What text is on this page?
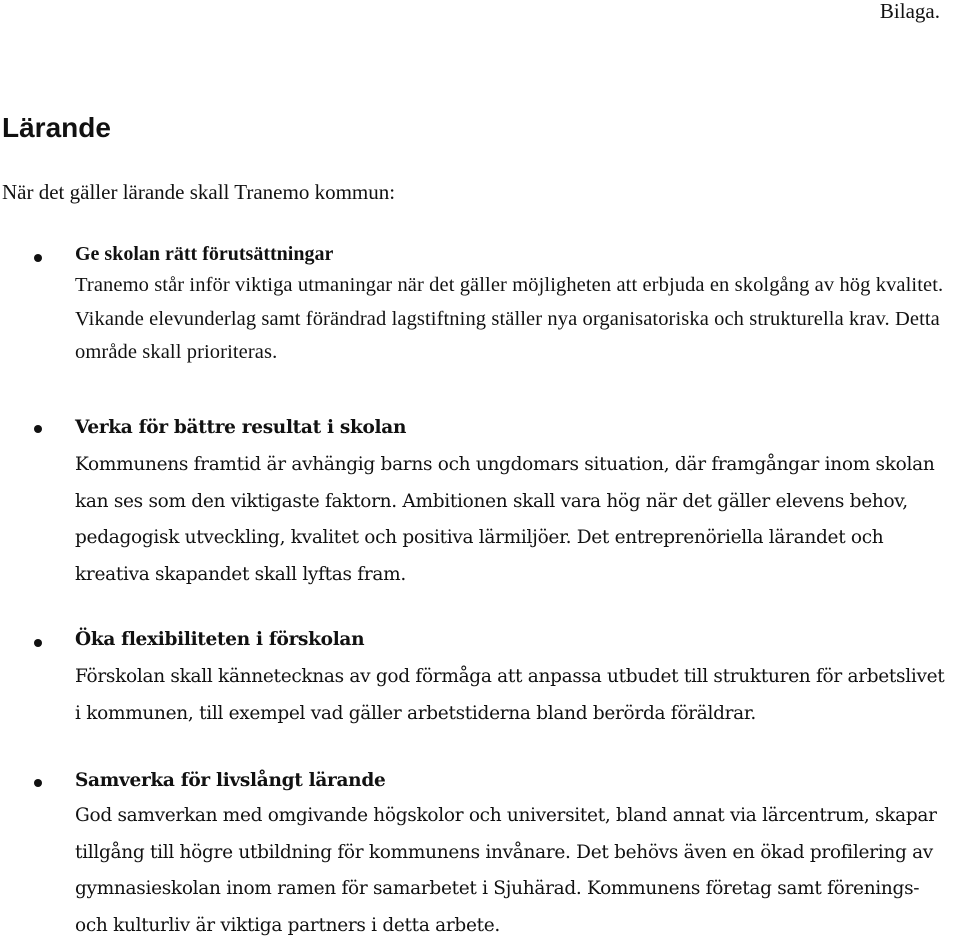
Bilaga.
Lärande
När det gäller lärande skall Tranemo kommun:
Ge skolan rätt förutsättningar
Tranemo står inför viktiga utmaningar när det gäller möjligheten att erbjuda en skolgång av hög kvalitet. Vikande elevunderlag samt förändrad lagstiftning ställer nya organisatoriska och strukturella krav. Detta område skall prioriteras.
Verka för bättre resultat i skolan
Kommunens framtid är avhängig barns och ungdomars situation, där framgångar inom skolan kan ses som den viktigaste faktorn. Ambitionen skall vara hög när det gäller elevens behov, pedagogisk utveckling, kvalitet och positiva lärmiljöer. Det entreprenöriella lärandet och kreativa skapandet skall lyftas fram.
Öka flexibiliteten i förskolan
Förskolan skall kännetecknas av god förmåga att anpassa utbudet till strukturen för arbetslivet i kommunen, till exempel vad gäller arbetstiderna bland berörda föräldrar.
Samverka för livslångt lärande
God samverkan med omgivande högskolor och universitet, bland annat via lärcentrum, skapar tillgång till högre utbildning för kommunens invånare. Det behövs även en ökad profilering av gymnasieskolan inom ramen för samarbetet i Sjuhärad. Kommunens företag samt förenings- och kulturliv är viktiga partners i detta arbete.
